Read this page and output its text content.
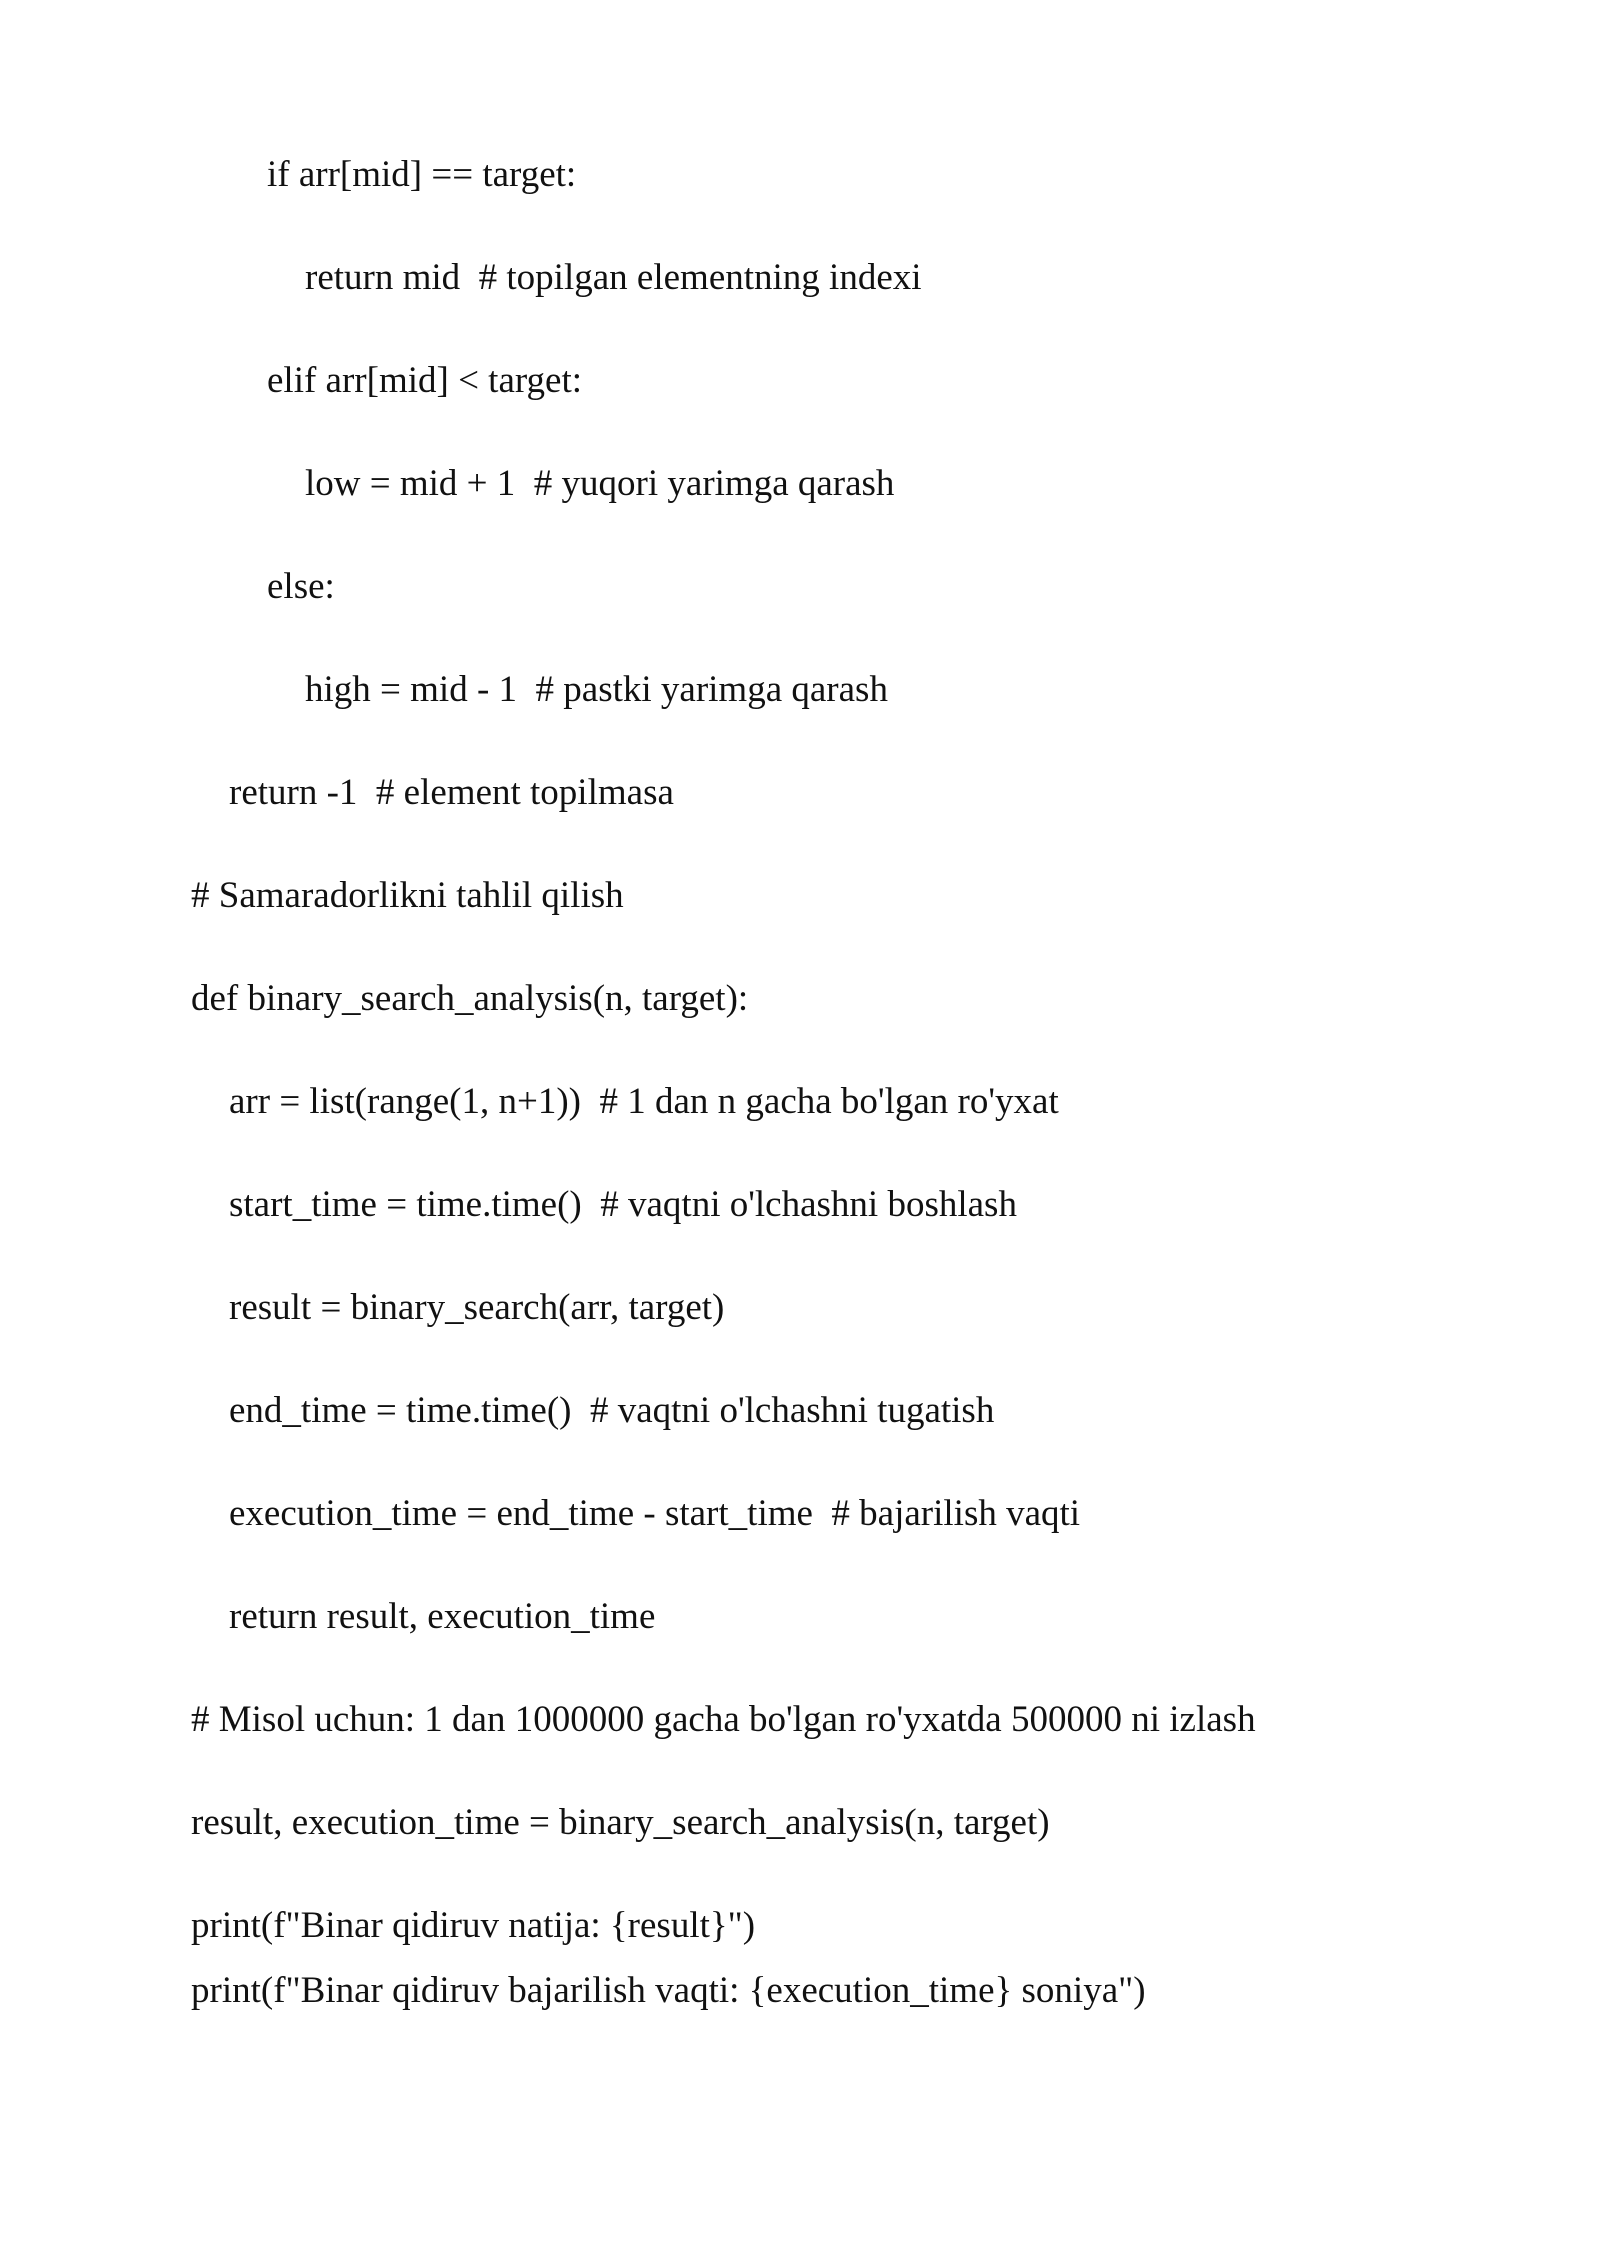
if arr[mid] == target:
return mid  # topilgan elementning indexi
elif arr[mid] < target:
low = mid + 1  # yuqori yarimga qarash
else:
high = mid - 1  # pastki yarimga qarash
return -1  # element topilmasa
# Samaradorlikni tahlil qilish
def binary_search_analysis(n, target):
arr = list(range(1, n+1))  # 1 dan n gacha bo'lgan ro'yxat
start_time = time.time()  # vaqtni o'lchashni boshlash
result = binary_search(arr, target)
end_time = time.time()  # vaqtni o'lchashni tugatish
execution_time = end_time - start_time  # bajarilish vaqti
return result, execution_time
# Misol uchun: 1 dan 1000000 gacha bo'lgan ro'yxatda 500000 ni izlash
result, execution_time = binary_search_analysis(n, target)
print(f"Binar qidiruv natija: {result}")
print(f"Binar qidiruv bajarilish vaqti: {execution_time} soniya")
